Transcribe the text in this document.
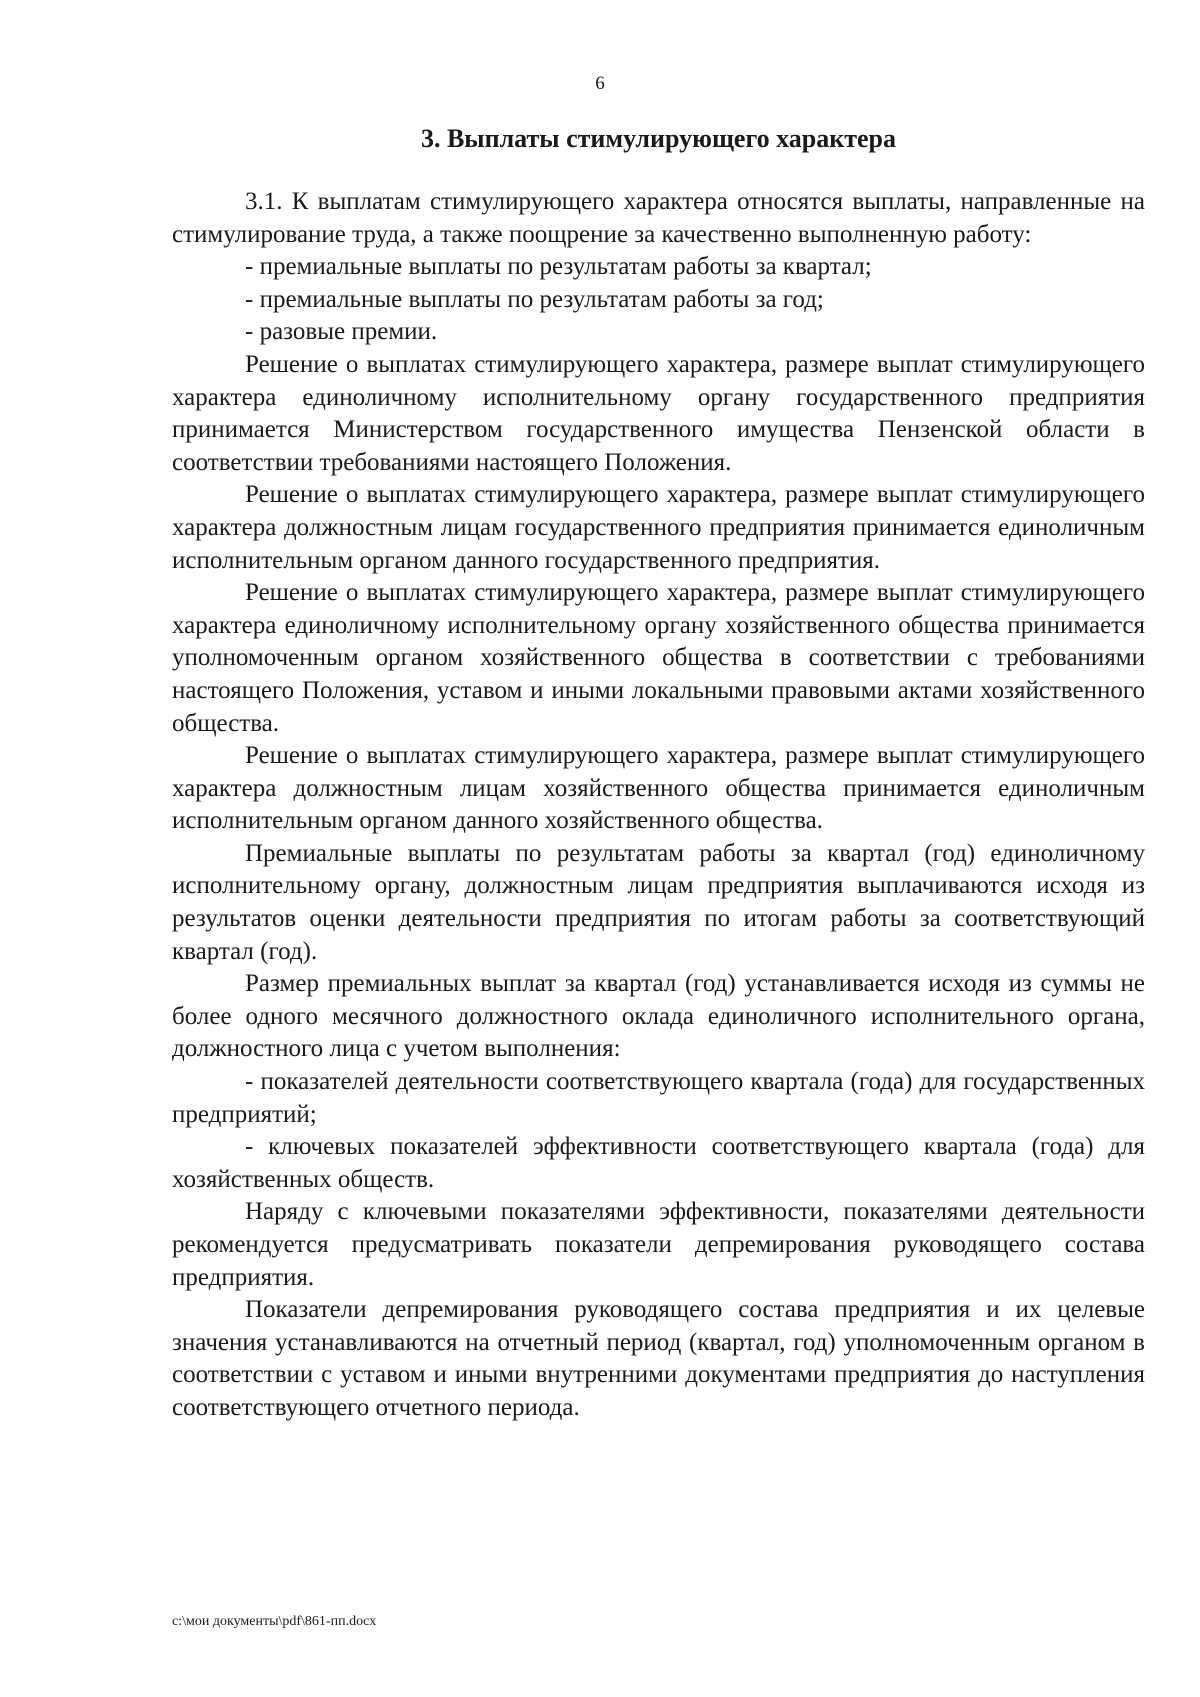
6
3. Выплаты стимулирующего характера

3.1. К выплатам стимулирующего характера относятся выплаты, направленные на стимулирование труда, а также поощрение за качественно выполненную работу:

- премиальные выплаты по результатам работы за квартал;

- премиальные выплаты по результатам работы за год;

- разовые премии.

Решение о выплатах стимулирующего характера, размере выплат стимулирующего характера единоличному исполнительному органу государственного предприятия принимается Министерством государственного имущества Пензенской области в соответствии требованиями настоящего Положения.

Решение о выплатах стимулирующего характера, размере выплат стимулирующего характера должностным лицам государственного предприятия принимается единоличным исполнительным органом данного государственного предприятия.

Решение о выплатах стимулирующего характера, размере выплат стимулирующего характера единоличному исполнительному органу хозяйственного общества принимается уполномоченным органом хозяйственного общества в соответствии с требованиями настоящего Положения, уставом и иными локальными правовыми актами хозяйственного общества.

Решение о выплатах стимулирующего характера, размере выплат стимулирующего характера должностным лицам хозяйственного общества принимается единоличным исполнительным органом данного хозяйственного общества.

Премиальные выплаты по результатам работы за квартал (год) единоличному исполнительному органу, должностным лицам предприятия выплачиваются исходя из результатов оценки деятельности предприятия по итогам работы за соответствующий квартал (год).

Размер премиальных выплат за квартал (год) устанавливается исходя из суммы не более одного месячного должностного оклада единоличного исполнительного органа, должностного лица с учетом выполнения:

- показателей деятельности соответствующего квартала (года) для государственных предприятий;

- ключевых показателей эффективности соответствующего квартала (года) для хозяйственных обществ.

Наряду с ключевыми показателями эффективности, показателями деятельности рекомендуется предусматривать показатели депремирования руководящего состава предприятия.

Показатели депремирования руководящего состава предприятия и их целевые значения устанавливаются на отчетный период (квартал, год) уполномоченным органом в соответствии с уставом и иными внутренними документами предприятия до наступления соответствующего отчетного периода.

c:\мои документы\pdf\861-пп.docx
